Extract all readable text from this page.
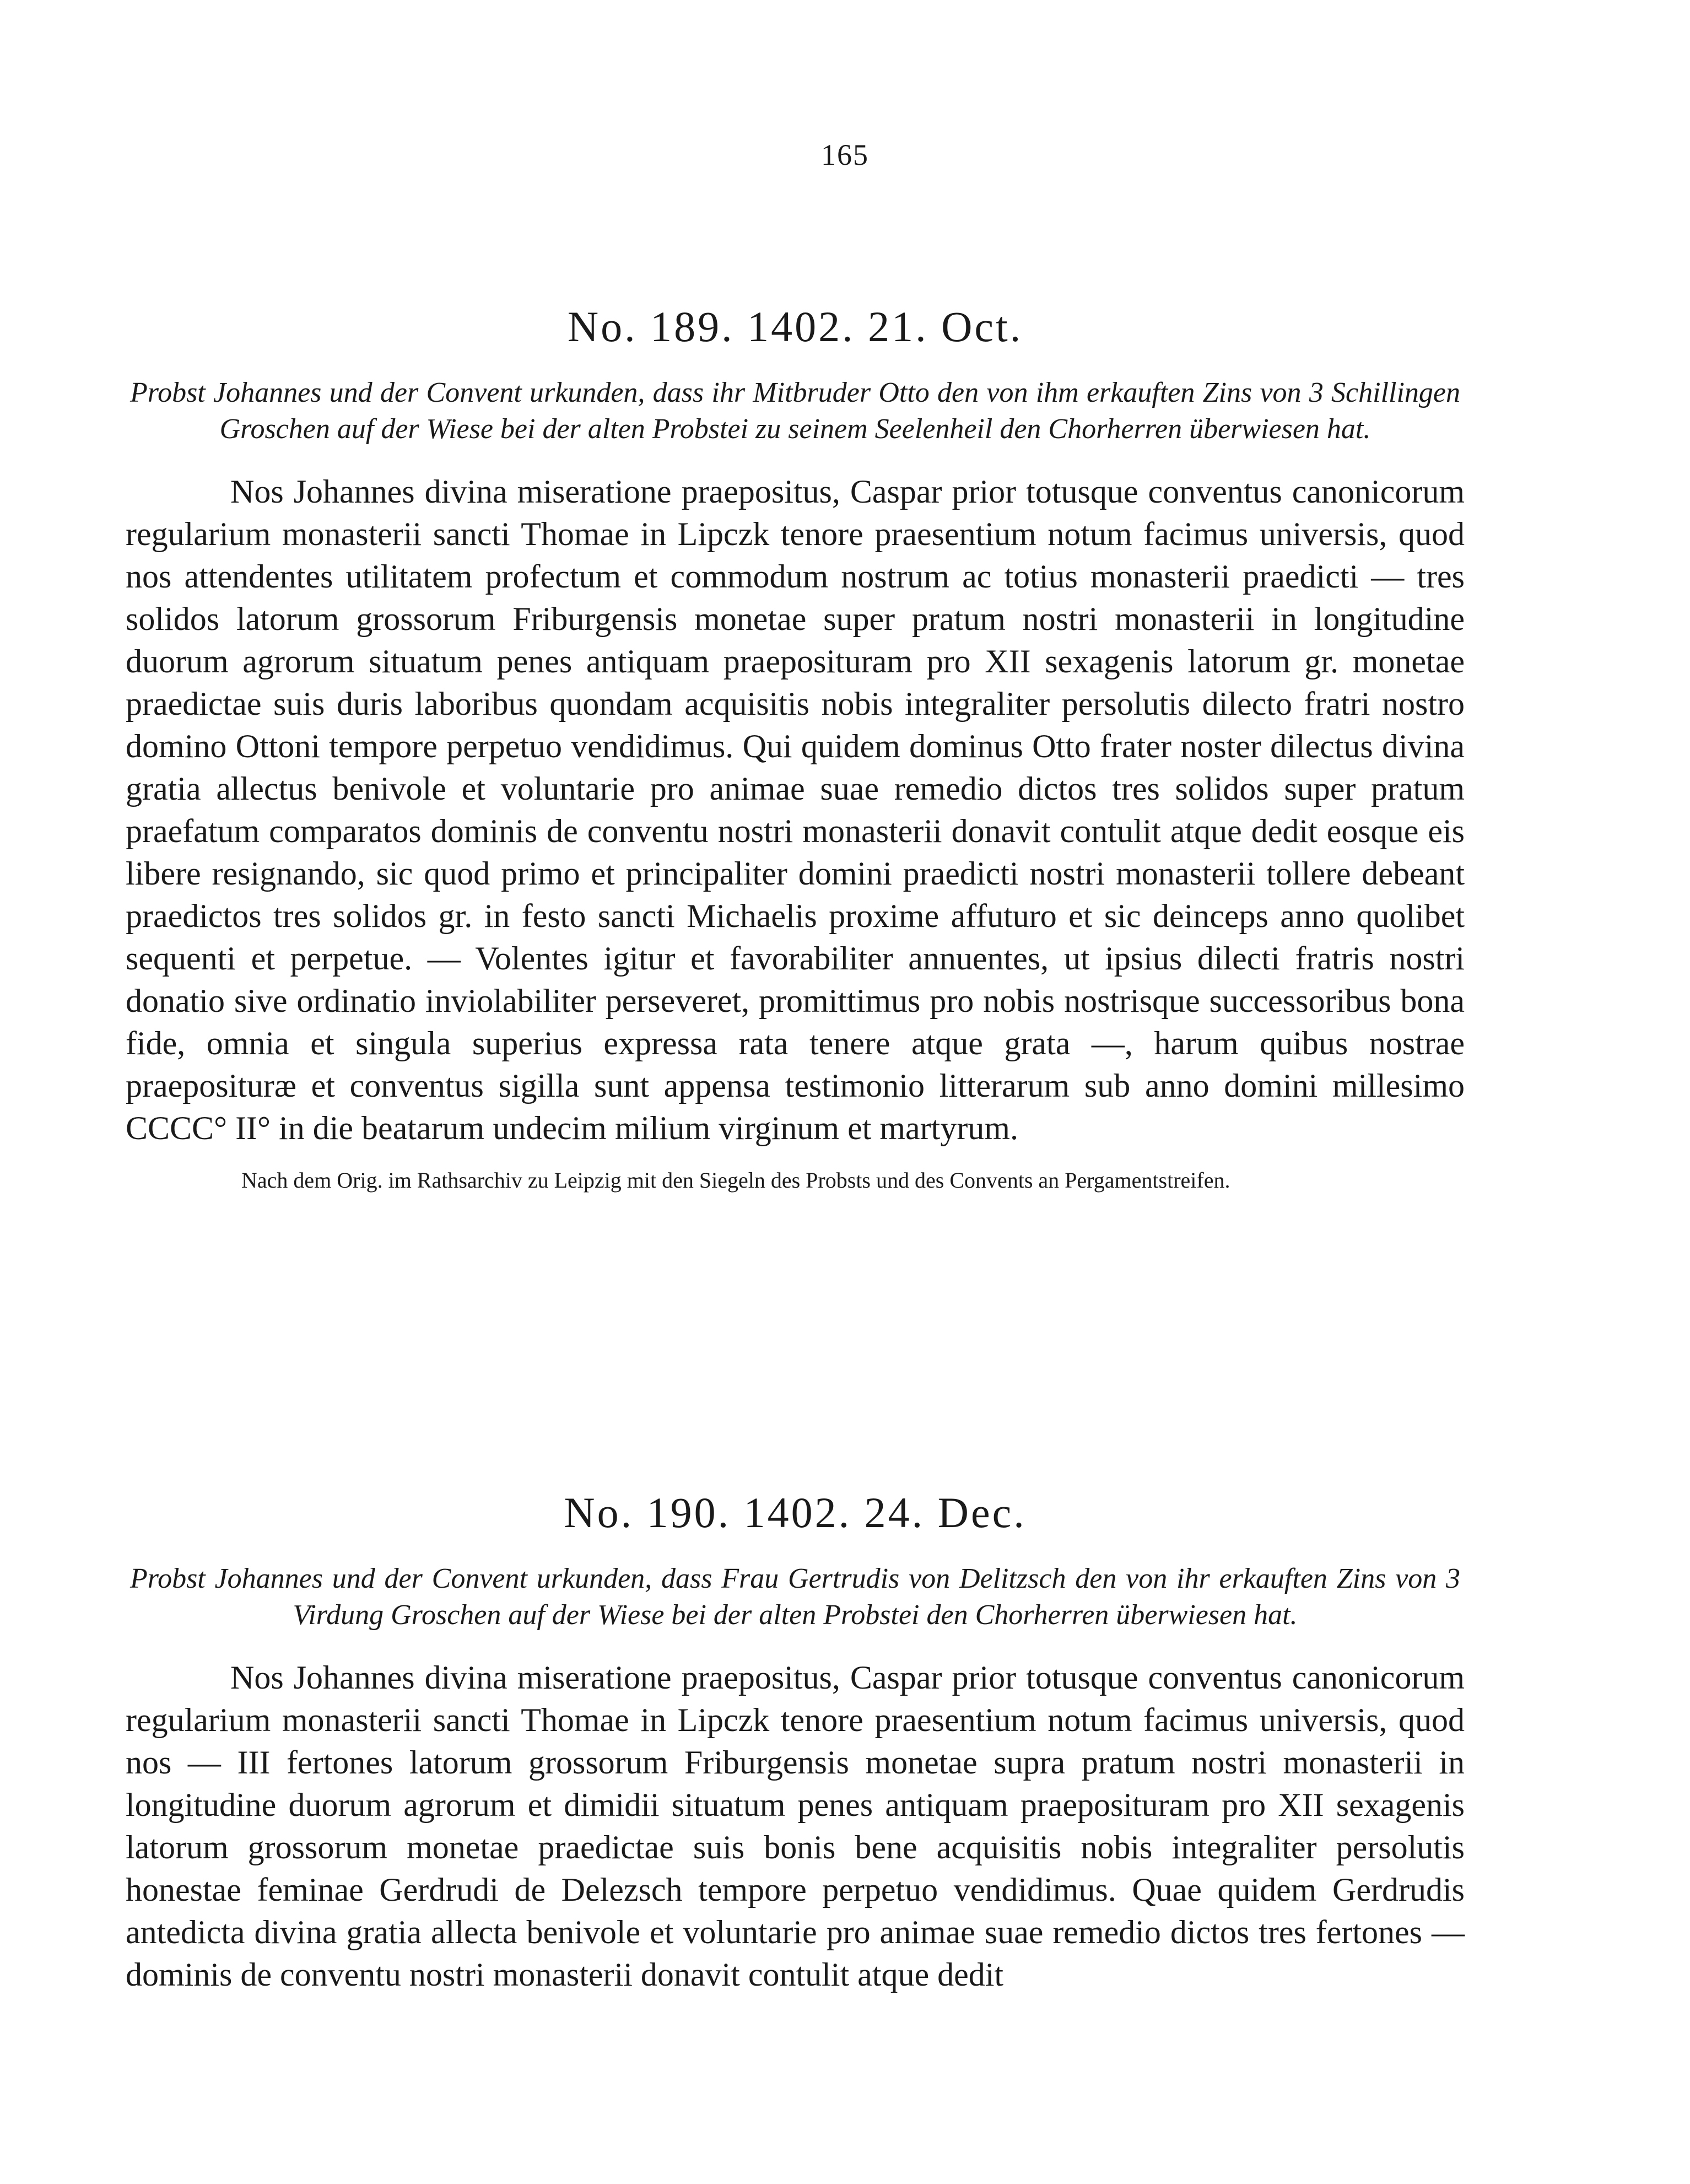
165
No. 189. 1402. 21. Oct.

Probst Johannes und der Convent urkunden, dass ihr Mitbruder Otto den von ihm erkauften Zins von 3 Schillingen Groschen auf der Wiese bei der alten Probstei zu seinem Seelenheil den Chorherren überwiesen hat.

Nos Johannes divina miseratione praepositus, Caspar prior totusque conventus canonicorum regularium monasterii sancti Thomae in Lipczk tenore praesentium notum facimus universis, quod nos attendentes utilitatem profectum et commodum nostrum ac totius monasterii praedicti — tres solidos latorum grossorum Friburgensis monetae super pratum nostri monasterii in longitudine duorum agrorum situatum penes antiquam praeposituram pro XII sexagenis latorum gr. monetae praedictae suis duris laboribus quondam acquisitis nobis integraliter persolutis dilecto fratri nostro domino Ottoni tempore perpetuo vendidimus. Qui quidem dominus Otto frater noster dilectus divina gratia allectus benivole et voluntarie pro animae suae remedio dictos tres solidos super pratum praefatum comparatos dominis de conventu nostri monasterii donavit contulit atque dedit eosque eis libere resignando, sic quod primo et principaliter domini praedicti nostri monasterii tollere debeant praedictos tres solidos gr. in festo sancti Michaelis proxime affuturo et sic deinceps anno quolibet sequenti et perpetue. — Volentes igitur et favorabiliter annuentes, ut ipsius dilecti fratris nostri donatio sive ordinatio inviolabiliter perseveret, promittimus pro nobis nostrisque successoribus bona fide, omnia et singula superius expressa rata tenere atque grata —, harum quibus nostrae praeposituræ et conventus sigilla sunt appensa testimonio litterarum sub anno domini millesimo CCCC° II° in die beatarum undecim milium virginum et martyrum.

Nach dem Orig. im Rathsarchiv zu Leipzig mit den Siegeln des Probsts und des Convents an Pergamentstreifen.

No. 190. 1402. 24. Dec.

Probst Johannes und der Convent urkunden, dass Frau Gertrudis von Delitzsch den von ihr erkauften Zins von 3 Virdung Groschen auf der Wiese bei der alten Probstei den Chorherren überwiesen hat.

Nos Johannes divina miseratione praepositus, Caspar prior totusque conventus canonicorum regularium monasterii sancti Thomae in Lipczk tenore praesentium notum facimus universis, quod nos — III fertones latorum grossorum Friburgensis monetae supra pratum nostri monasterii in longitudine duorum agrorum et dimidii situatum penes antiquam praeposituram pro XII sexagenis latorum grossorum monetae praedictae suis bonis bene acquisitis nobis integraliter persolutis honestae feminae Gerdrudi de Delezsch tempore perpetuo vendidimus. Quae quidem Gerdrudis antedicta divina gratia allecta benivole et voluntarie pro animae suae remedio dictos tres fertones — dominis de conventu nostri monasterii donavit contulit atque dedit
